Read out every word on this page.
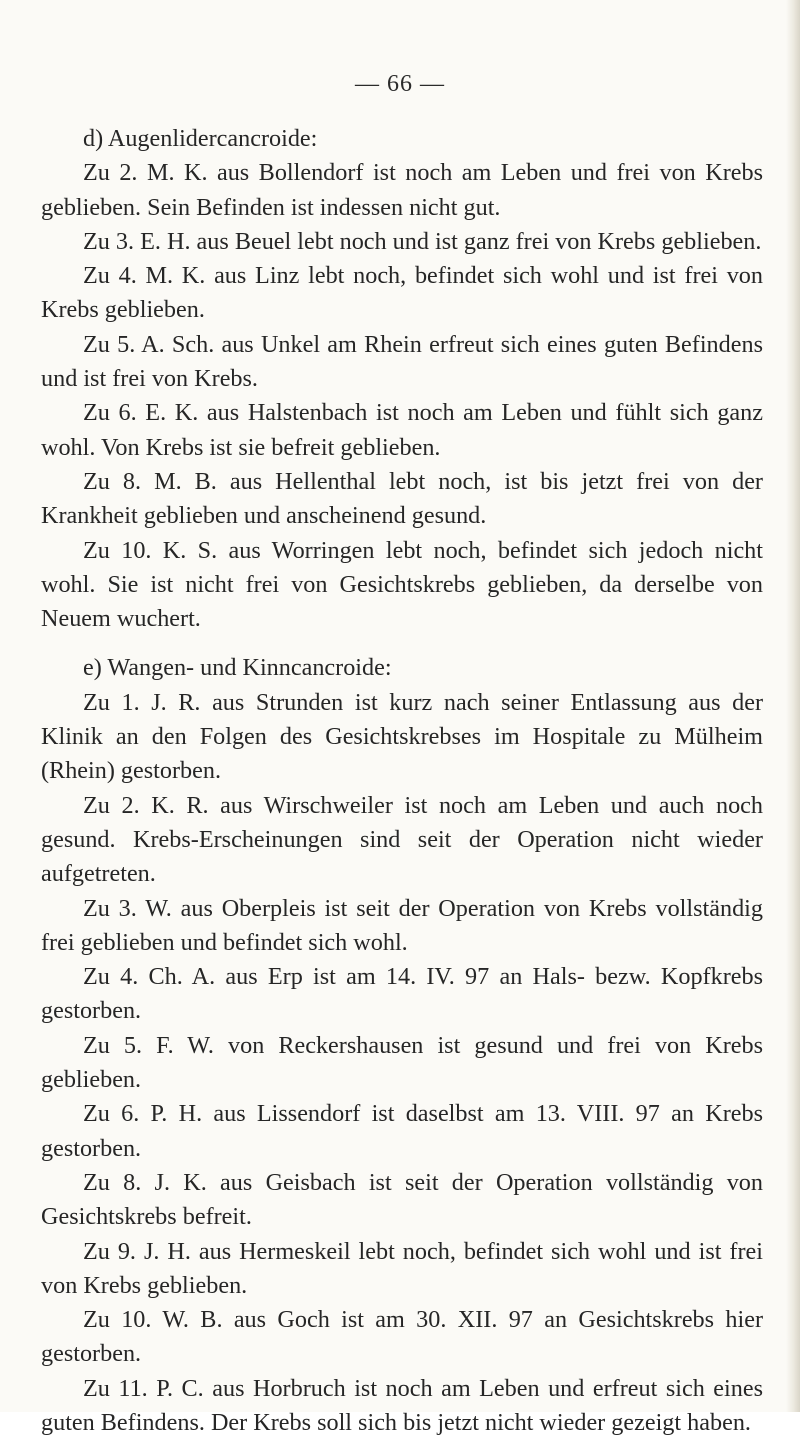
— 66 —

d) Augenlidercancroide:

Zu 2. M. K. aus Bollendorf ist noch am Leben und frei von Krebs geblieben. Sein Befinden ist indessen nicht gut.

Zu 3. E. H. aus Beuel lebt noch und ist ganz frei von Krebs geblieben.

Zu 4. M. K. aus Linz lebt noch, befindet sich wohl und ist frei von Krebs geblieben.

Zu 5. A. Sch. aus Unkel am Rhein erfreut sich eines guten Befindens und ist frei von Krebs.

Zu 6. E. K. aus Halstenbach ist noch am Leben und fühlt sich ganz wohl. Von Krebs ist sie befreit geblieben.

Zu 8. M. B. aus Hellenthal lebt noch, ist bis jetzt frei von der Krankheit geblieben und anscheinend gesund.

Zu 10. K. S. aus Worringen lebt noch, befindet sich jedoch nicht wohl. Sie ist nicht frei von Gesichtskrebs geblieben, da derselbe von Neuem wuchert.

e) Wangen- und Kinncancroide:

Zu 1. J. R. aus Strunden ist kurz nach seiner Entlassung aus der Klinik an den Folgen des Gesichtskrebses im Hospitale zu Mülheim (Rhein) gestorben.

Zu 2. K. R. aus Wirschweiler ist noch am Leben und auch noch gesund. Krebs-Erscheinungen sind seit der Operation nicht wieder aufgetreten.

Zu 3. W. aus Oberpleis ist seit der Operation von Krebs vollständig frei geblieben und befindet sich wohl.

Zu 4. Ch. A. aus Erp ist am 14. IV. 97 an Hals- bezw. Kopfkrebs gestorben.

Zu 5. F. W. von Reckershausen ist gesund und frei von Krebs geblieben.

Zu 6. P. H. aus Lissendorf ist daselbst am 13. VIII. 97 an Krebs gestorben.

Zu 8. J. K. aus Geisbach ist seit der Operation vollständig von Gesichtskrebs befreit.

Zu 9. J. H. aus Hermeskeil lebt noch, befindet sich wohl und ist frei von Krebs geblieben.

Zu 10. W. B. aus Goch ist am 30. XII. 97 an Gesichtskrebs hier gestorben.

Zu 11. P. C. aus Horbruch ist noch am Leben und erfreut sich eines guten Befindens. Der Krebs soll sich bis jetzt nicht wieder gezeigt haben.
